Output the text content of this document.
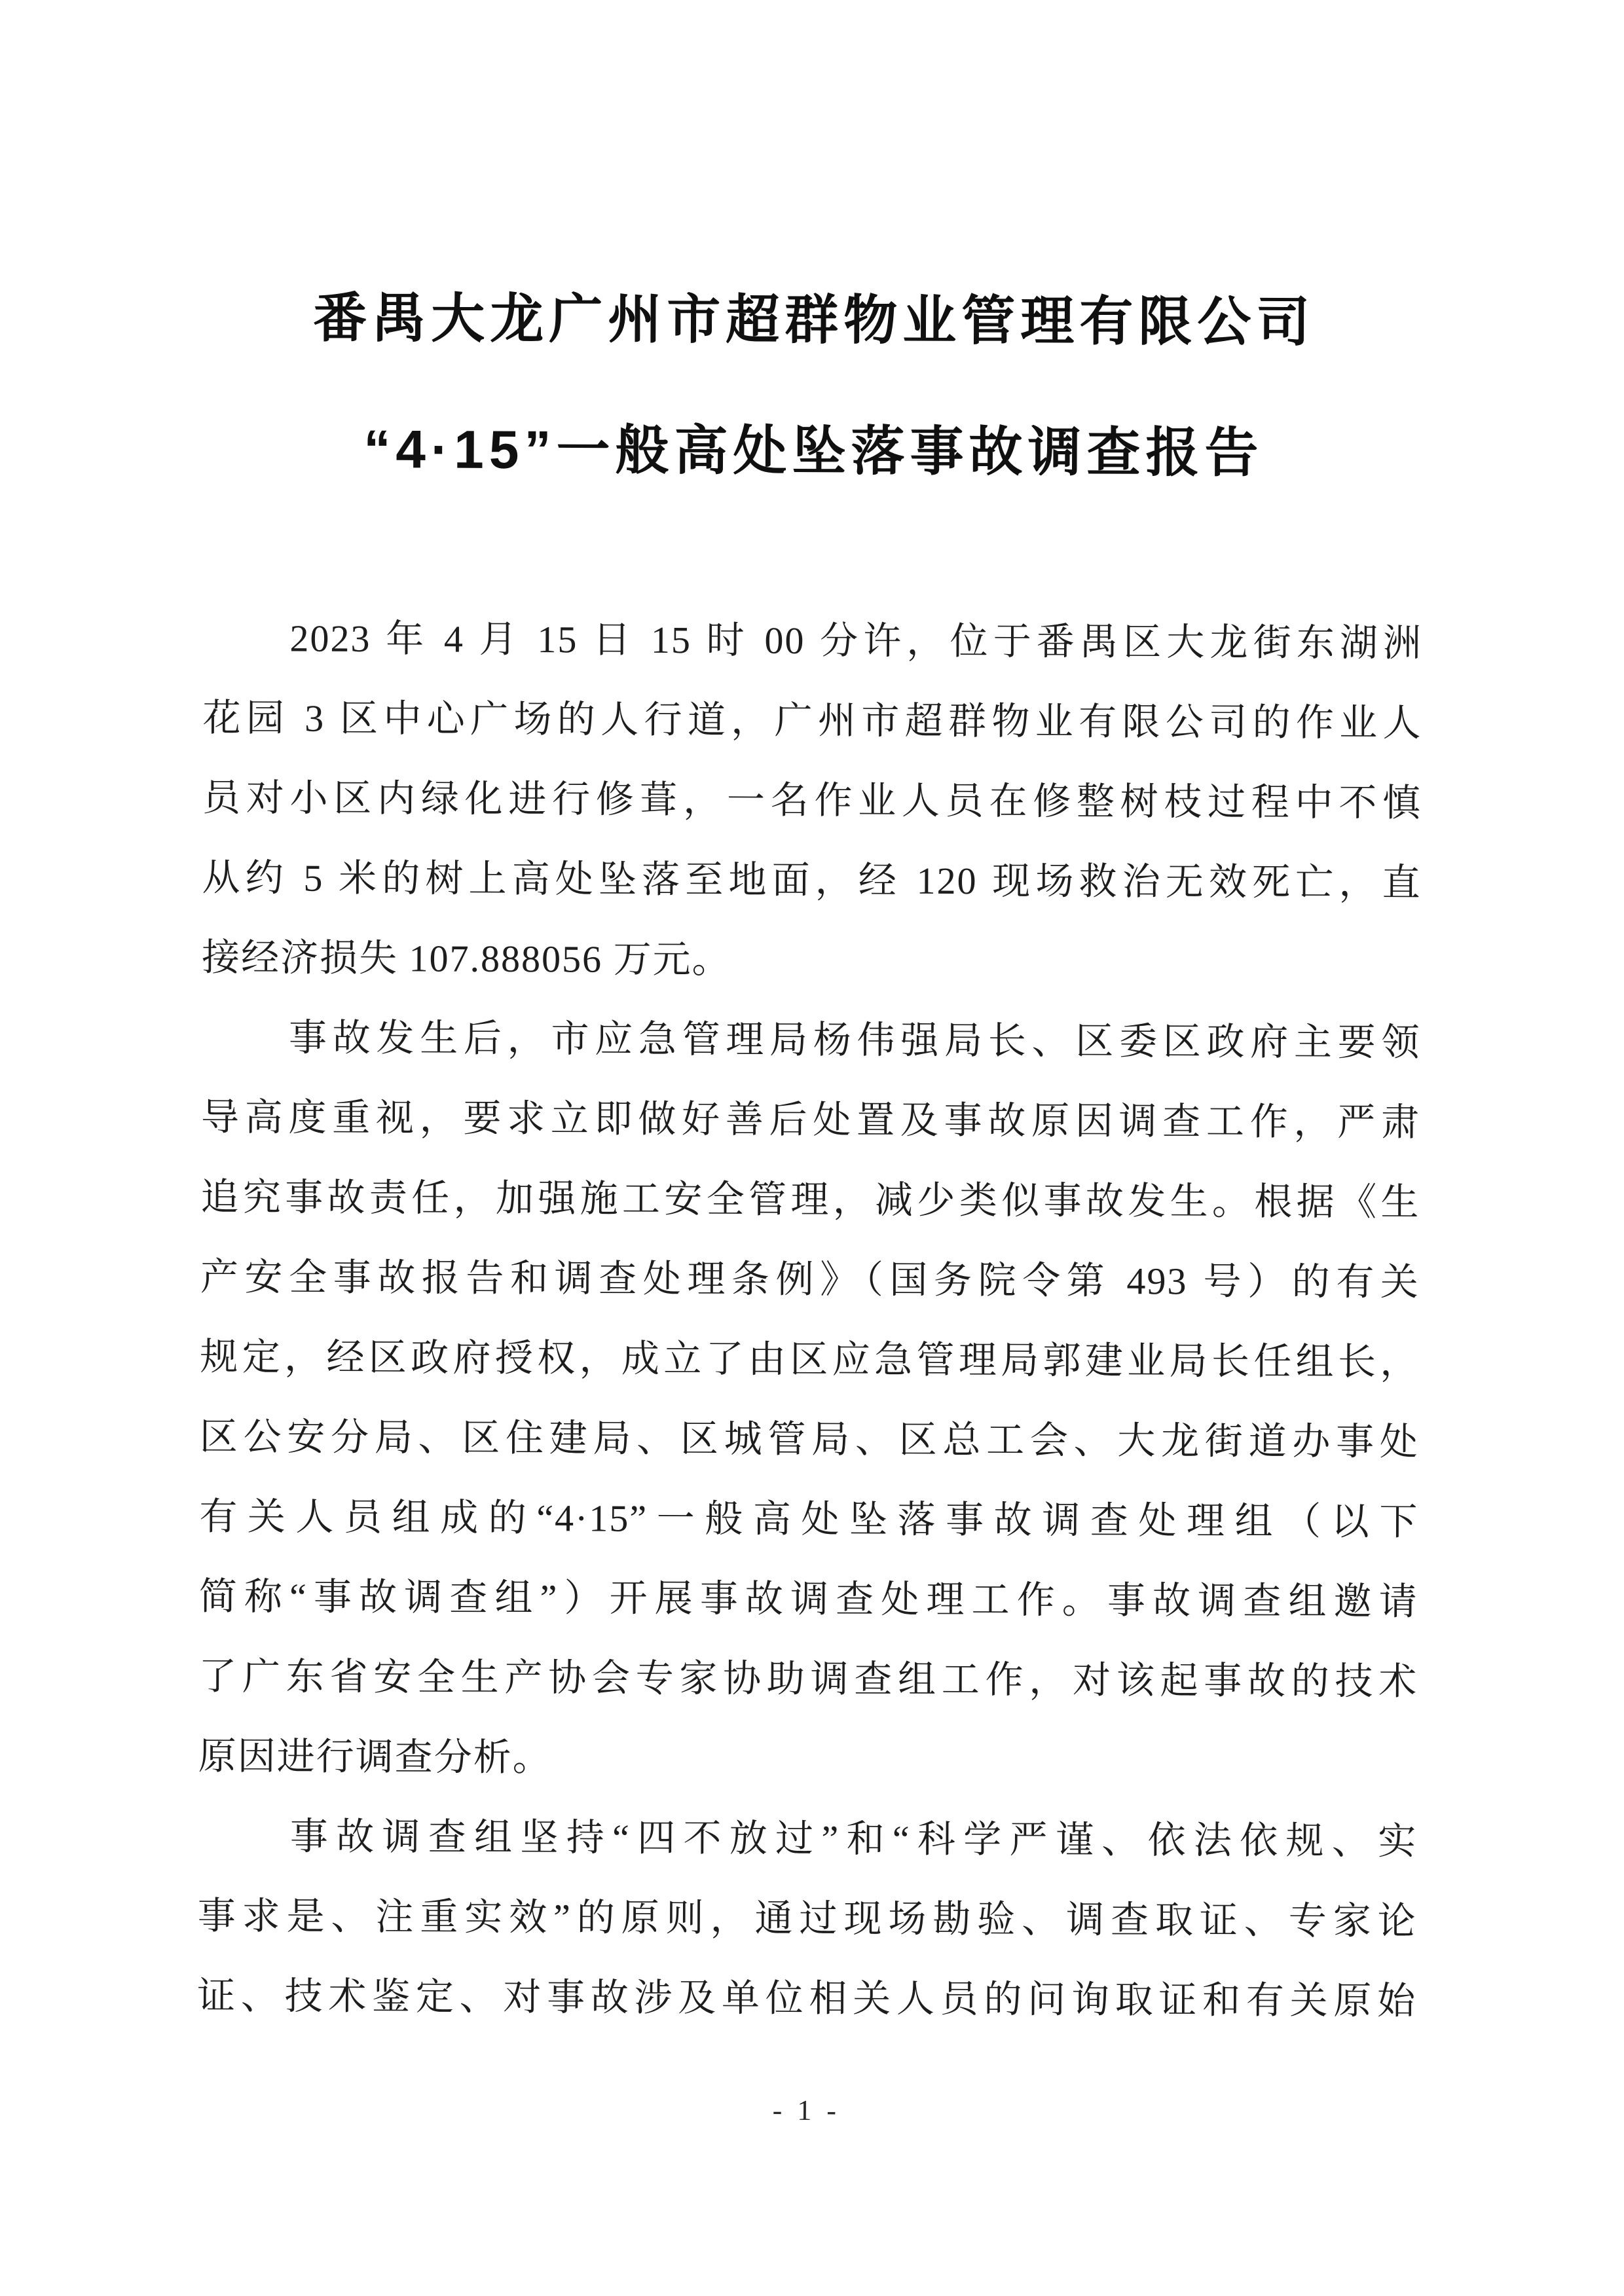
番禺大龙广州市超群物业管理有限公司
“4·15”一般高处坠落事故调查报告
　　2023 年 4 月 15 日 15 时 00 分许，位于番禺区大龙街东湖洲
花园 3 区中心广场的人行道，广州市超群物业有限公司的作业人
员对小区内绿化进行修葺，一名作业人员在修整树枝过程中不慎
从约 5 米的树上高处坠落至地面，经 120 现场救治无效死亡，直
接经济损失 107.888056 万元。
　　事故发生后，市应急管理局杨伟强局长、区委区政府主要领
导高度重视，要求立即做好善后处置及事故原因调查工作，严肃
追究事故责任，加强施工安全管理，减少类似事故发生。根据《生
产安全事故报告和调查处理条例》（国务院令第 493 号）的有关
规定，经区政府授权，成立了由区应急管理局郭建业局长任组长，
区公安分局、区住建局、区城管局、区总工会、大龙街道办事处
有关人员组成的“4·15”一般高处坠落事故调查处理组（以下
简称“事故调查组”）开展事故调查处理工作。事故调查组邀请
了广东省安全生产协会专家协助调查组工作，对该起事故的技术
原因进行调查分析。
　　事故调查组坚持“四不放过”和“科学严谨、依法依规、实
事求是、注重实效”的原则，通过现场勘验、调查取证、专家论
证、技术鉴定、对事故涉及单位相关人员的问询取证和有关原始
- 1 -
